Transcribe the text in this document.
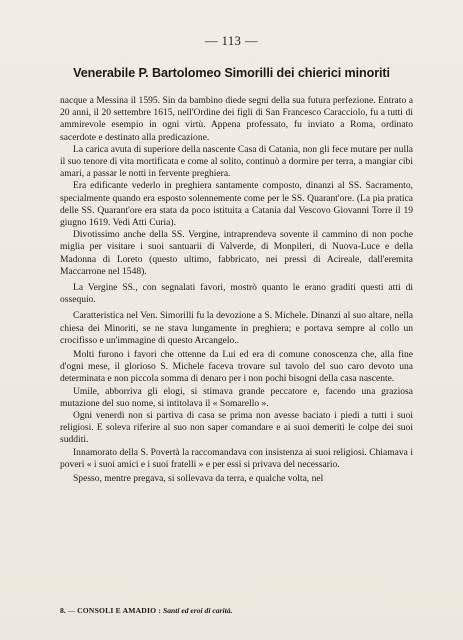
— 113 —
Venerabile P. Bartolomeo Simorilli dei chierici minoriti

nacque a Messina il 1595. Sin da bambino diede segni della sua futura perfezione. Entrato a 20 anni, il 20 settembre 1615, nell'Ordine dei figli di San Francesco Caracciolo, fu a tutti di ammirevole esempio in ogni virtù. Appena professato, fu inviato a Roma, ordinato sacerdote e destinato alla predicazione.

La carica avuta di superiore della nascente Casa di Catania, non gli fece mutare per nulla il suo tenore di vita mortificata e come al solito, continuò a dormire per terra, a mangiar cibi amari, a passar le notti in fervente preghiera.

Era edificante vederlo in preghiera santamente composto, dinanzi al SS. Sacramento, specialmente quando era esposto solennemente come per le SS. Quarant'ore. (La pia pratica delle SS. Quarant'ore era stata da poco istituita a Catania dal Vescovo Giovanni Torre il 19 giugno 1619. Vedi Atti Curia).

Divotissimo anche della SS. Vergine, intraprendeva sovente il cammino di non poche miglia per visitare i suoi santuarii di Valverde, di Monpileri, di Nuova-Luce e della Madonna di Loreto (questo ultimo, fabbricato, nei pressi di Acireale, dall'eremita Maccarrone nel 1548).

La Vergine SS., con segnalati favori, mostrò quanto le erano graditi questi atti di ossequio.

Caratteristica nel Ven. Simorilli fu la devozione a S. Michele. Dinanzi al suo altare, nella chiesa dei Minoriti, se ne stava lungamente in preghiera; e portava sempre al collo un crocifisso e un'immagine di questo Arcangelo..

Molti furono i favori che ottenne da Lui ed era di comune conoscenza che, alla fine d'ogni mese, il glorioso S. Michele faceva trovare sul tavolo del suo caro devoto una determinata e non piccola somma di denaro per i non pochi bisogni della casa nascente.

Umile, abborriva gli elogi, si stimava grande peccatore e, facendo una graziosa mutazione del suo nome, si intitolava il « Somarello ».

Ogni venerdì non si partiva di casa se prima non avesse baciato i piedi a tutti i suoi religiosi. E soleva riferire al suo non saper comandare e ai suoi demeriti le colpe dei suoi sudditi.

Innamorato della S. Povertà la raccomandava con insistenza ai suoi religiosi. Chiamava i poveri « i suoi amici e i suoi fratelli » e per essi si privava del necessario.

Spesso, mentre pregava, si sollevava da terra, e qualche volta, nel

8. — CONSOLI E AMADIO : Santi ed eroi di carità.
